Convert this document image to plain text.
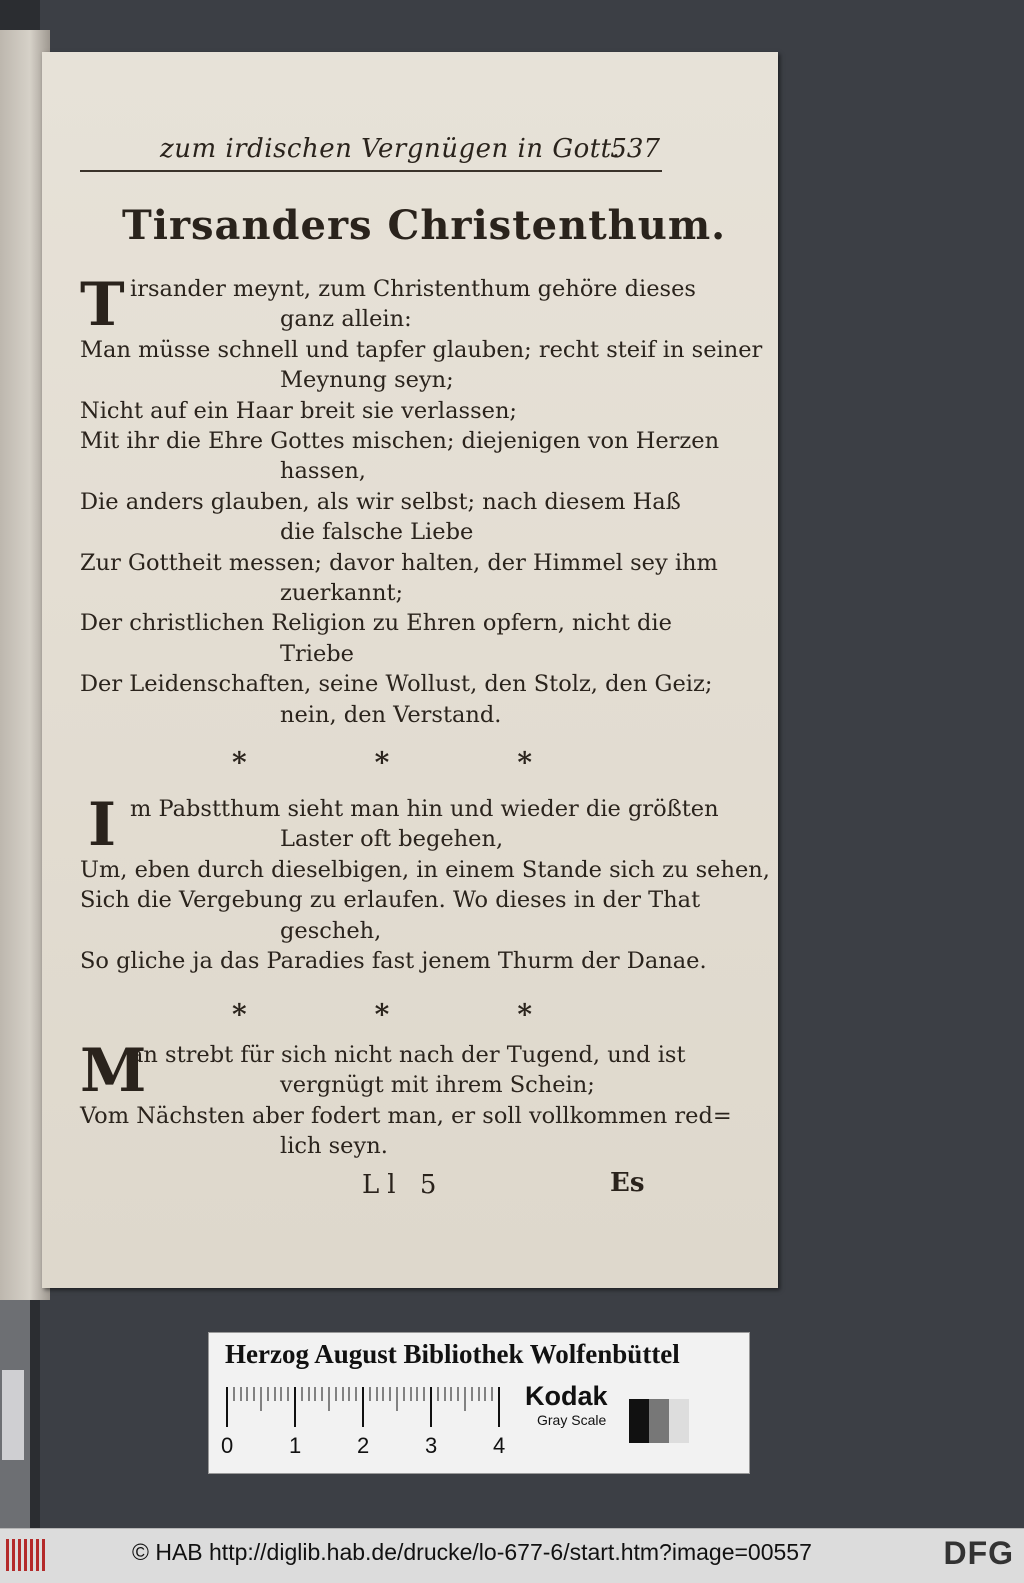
zum irdischen Vergnügen in Gott.
537
Tirsanders Christenthum.
T irsander meynt, zum Christenthum gehöre dieses
ganz allein:
Man müsse schnell und tapfer glauben; recht steif in seiner
Meynung seyn;
Nicht auf ein Haar breit sie verlassen;
Mit ihr die Ehre Gottes mischen; diejenigen von Herzen
hassen,
Die anders glauben, als wir selbst; nach diesem Haß
die falsche Liebe
Zur Gottheit messen; davor halten, der Himmel sey ihm
zuerkannt;
Der christlichen Religion zu Ehren opfern, nicht die
Triebe
Der Leidenschaften, seine Wollust, den Stolz, den Geiz;
nein, den Verstand.
*	*	*
I m Pabstthum sieht man hin und wieder die größten
Laster oft begehen,
Um, eben durch dieselbigen, in einem Stande sich zu sehen,
Sich die Vergebung zu erlaufen. Wo dieses in der That
gescheh,
So gliche ja das Paradies fast jenem Thurm der Danae.
*	*	*
M
an strebt für sich nicht nach der Tugend, und ist
vergnügt mit ihrem Schein;
Vom Nächsten aber fodert man, er soll vollkommen red=
lich seyn.
Ll 5	Es
Herzog August Bibliothek Wolfenbüttel
0	1	2	3	4
Kodak
Gray Scale
© HAB http://diglib.hab.de/drucke/lo-677-6/start.htm?image=00557	DFG
